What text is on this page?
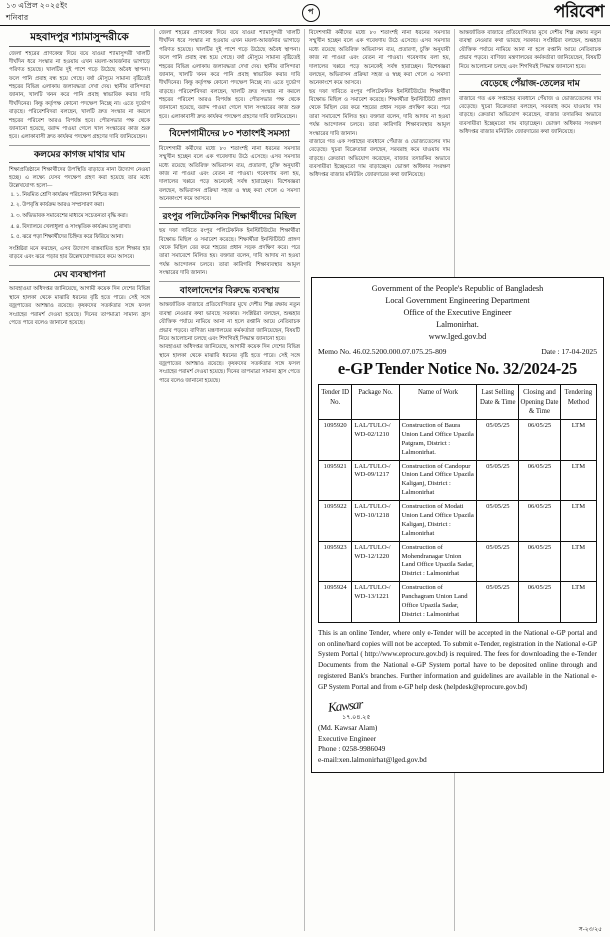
১৩ এপ্রিল ২০২৫ইং
শনিবার
প	পরিবেশ
মহবাদপুর শ্যামাসুন্দরীকে
জেলা শহরের প্রাণকেন্দ্র দিয়ে বয়ে যাওয়া শ্যামাসুন্দরী খালটি দীর্ঘদিন ধরে সংস্কার না হওয়ায় এখন ময়লা-আবর্জনার ভাগাড়ে পরিণত হয়েছে। খালটির দুই পাশে গড়ে উঠেছে অবৈধ স্থাপনা। ফলে পানি প্রবাহ বন্ধ হয়ে গেছে। বর্ষা মৌসুমে সামান্য বৃষ্টিতেই শহরের বিভিন্ন এলাকায় জলাবদ্ধতা দেখা দেয়। স্থানীয় বাসিন্দারা জানান, খালটি খনন করে পানি প্রবাহ স্বাভাবিক করার দাবি দীর্ঘদিনের। কিন্তু কর্তৃপক্ষ কোনো পদক্ষেপ নিচ্ছে না। এতে দুর্ভোগ বাড়ছে। পরিবেশবিদরা বলছেন, খালটি দ্রুত সংস্কার না করলে শহরের পরিবেশ আরও বিপর্যস্ত হবে। পৌরসভার পক্ষ থেকে জানানো হয়েছে, বরাদ্দ পাওয়া গেলে খাল সংস্কারের কাজ শুরু হবে। এলাকাবাসী দ্রুত কার্যকর পদক্ষেপ গ্রহণের দাবি জানিয়েছেন।
কলমের কাগজ মাথার ঘাম
শিক্ষাপ্রতিষ্ঠানে শিক্ষার্থীদের উপস্থিতি বাড়াতে নানা উদ্যোগ নেওয়া হচ্ছে। এ লক্ষ্যে যেসব পদক্ষেপ গ্রহণ করা হয়েছে তার মধ্যে উল্লেখযোগ্য হলো—
1. ১. নিয়মিত শ্রেণি কার্যক্রম পরিচালনা নিশ্চিত করা।
2. ২. উপবৃত্তি কার্যক্রম আরও সম্প্রসারণ করা।
3. ৩. অভিভাবক সমাবেশের মাধ্যমে সচেতনতা বৃদ্ধি করা।
4. ৪. বিদ্যালয়ে খেলাধুলা ও সাংস্কৃতিক কার্যক্রম চালু রাখা।
5. ৫. ঝরে পড়া শিক্ষার্থীদের চিহ্নিত করে ফিরিয়ে আনা।
সংশ্লিষ্টরা মনে করছেন, এসব উদ্যোগ বাস্তবায়িত হলে শিক্ষার হার বাড়বে এবং ঝরে পড়ার হার উল্লেখযোগ্যভাবে কমে আসবে।
মেঘ ব্যবস্থাপনা
আবহাওয়া অধিদপ্তর জানিয়েছে, আগামী কয়েক দিন দেশের বিভিন্ন স্থানে হালকা থেকে মাঝারি ধরনের বৃষ্টি হতে পারে। সেই সঙ্গে বজ্রপাতের আশঙ্কাও রয়েছে। কৃষকদের সতর্কতার সঙ্গে ফসল সংগ্রহের পরামর্শ দেওয়া হয়েছে। দিনের তাপমাত্রা সামান্য হ্রাস পেতে পারে বলেও জানানো হয়েছে।
জেলা শহরের প্রাণকেন্দ্র দিয়ে বয়ে যাওয়া শ্যামাসুন্দরী খালটি দীর্ঘদিন ধরে সংস্কার না হওয়ায় এখন ময়লা-আবর্জনার ভাগাড়ে পরিণত হয়েছে। খালটির দুই পাশে গড়ে উঠেছে অবৈধ স্থাপনা। ফলে পানি প্রবাহ বন্ধ হয়ে গেছে। বর্ষা মৌসুমে সামান্য বৃষ্টিতেই শহরের বিভিন্ন এলাকায় জলাবদ্ধতা দেখা দেয়। স্থানীয় বাসিন্দারা জানান, খালটি খনন করে পানি প্রবাহ স্বাভাবিক করার দাবি দীর্ঘদিনের। কিন্তু কর্তৃপক্ষ কোনো পদক্ষেপ নিচ্ছে না। এতে দুর্ভোগ বাড়ছে। পরিবেশবিদরা বলছেন, খালটি দ্রুত সংস্কার না করলে শহরের পরিবেশ আরও বিপর্যস্ত হবে। পৌরসভার পক্ষ থেকে জানানো হয়েছে, বরাদ্দ পাওয়া গেলে খাল সংস্কারের কাজ শুরু হবে। এলাকাবাসী দ্রুত কার্যকর পদক্ষেপ গ্রহণের দাবি জানিয়েছেন।
বিদেশগামীদের ৮০ শতাংশই সমস্যা
বিদেশগামী কর্মীদের মধ্যে ৮০ শতাংশই নানা ধরনের সমস্যার সম্মুখীন হচ্ছেন বলে এক গবেষণায় উঠে এসেছে। এসব সমস্যার মধ্যে রয়েছে অতিরিক্ত অভিবাসন ব্যয়, প্রতারণা, চুক্তি অনুযায়ী কাজ না পাওয়া এবং বেতন না পাওয়া। গবেষণায় বলা হয়, দালালের খপ্পরে পড়ে অনেকেই সর্বস্ব হারাচ্ছেন। বিশেষজ্ঞরা বলছেন, অভিবাসন প্রক্রিয়া সহজ ও স্বচ্ছ করা গেলে এ সমস্যা অনেকাংশে কমে আসবে।
রংপুর পলিটেকনিক শিক্ষার্থীদের মিছিল
ছয় দফা দাবিতে রংপুর পলিটেকনিক ইনস্টিটিউটের শিক্ষার্থীরা বিক্ষোভ মিছিল ও সমাবেশ করেছে। শিক্ষার্থীরা ইনস্টিটিউট প্রাঙ্গণ থেকে মিছিল বের করে শহরের প্রধান সড়ক প্রদক্ষিণ করে। পরে তারা সমাবেশে মিলিত হয়। বক্তারা বলেন, দাবি আদায় না হওয়া পর্যন্ত আন্দোলন চলবে। তারা কারিগরি শিক্ষাব্যবস্থার আমূল সংস্কারের দাবি জানান।
বাংলাদেশের বিরুদ্ধে ব্যবস্থায়
আন্তর্জাতিক বাজারে প্রতিযোগিতার মুখে দেশীয় শিল্প রক্ষায় নতুন ব্যবস্থা নেওয়ার কথা ভাবছে সরকার। সংশ্লিষ্টরা বলছেন, শুল্কহার যৌক্তিক পর্যায়ে নামিয়ে আনা না হলে রপ্তানি আয়ে নেতিবাচক প্রভাব পড়বে। বাণিজ্য মন্ত্রণালয়ের কর্মকর্তারা জানিয়েছেন, বিষয়টি নিয়ে আলোচনা চলছে এবং শিগগিরই সিদ্ধান্ত জানানো হবে।
আবহাওয়া অধিদপ্তর জানিয়েছে, আগামী কয়েক দিন দেশের বিভিন্ন স্থানে হালকা থেকে মাঝারি ধরনের বৃষ্টি হতে পারে। সেই সঙ্গে বজ্রপাতের আশঙ্কাও রয়েছে। কৃষকদের সতর্কতার সঙ্গে ফসল সংগ্রহের পরামর্শ দেওয়া হয়েছে। দিনের তাপমাত্রা সামান্য হ্রাস পেতে পারে বলেও জানানো হয়েছে।
বিদেশগামী কর্মীদের মধ্যে ৮০ শতাংশই নানা ধরনের সমস্যার সম্মুখীন হচ্ছেন বলে এক গবেষণায় উঠে এসেছে। এসব সমস্যার মধ্যে রয়েছে অতিরিক্ত অভিবাসন ব্যয়, প্রতারণা, চুক্তি অনুযায়ী কাজ না পাওয়া এবং বেতন না পাওয়া। গবেষণায় বলা হয়, দালালের খপ্পরে পড়ে অনেকেই সর্বস্ব হারাচ্ছেন। বিশেষজ্ঞরা বলছেন, অভিবাসন প্রক্রিয়া সহজ ও স্বচ্ছ করা গেলে এ সমস্যা অনেকাংশে কমে আসবে।
ছয় দফা দাবিতে রংপুর পলিটেকনিক ইনস্টিটিউটের শিক্ষার্থীরা বিক্ষোভ মিছিল ও সমাবেশ করেছে। শিক্ষার্থীরা ইনস্টিটিউট প্রাঙ্গণ থেকে মিছিল বের করে শহরের প্রধান সড়ক প্রদক্ষিণ করে। পরে তারা সমাবেশে মিলিত হয়। বক্তারা বলেন, দাবি আদায় না হওয়া পর্যন্ত আন্দোলন চলবে। তারা কারিগরি শিক্ষাব্যবস্থার আমূল সংস্কারের দাবি জানান।
বাজারে গত এক সপ্তাহের ব্যবধানে পেঁয়াজ ও ভোজ্যতেলের দাম বেড়েছে। খুচরা বিক্রেতারা বলছেন, সরবরাহ কমে যাওয়ায় দাম বাড়ছে। ক্রেতারা অভিযোগ করেছেন, বাজার তদারকির অভাবে ব্যবসায়ীরা ইচ্ছেমতো দাম বাড়াচ্ছেন। ভোক্তা অধিকার সংরক্ষণ অধিদপ্তর বাজার মনিটরিং জোরদারের কথা জানিয়েছে।
আন্তর্জাতিক বাজারে প্রতিযোগিতার মুখে দেশীয় শিল্প রক্ষায় নতুন ব্যবস্থা নেওয়ার কথা ভাবছে সরকার। সংশ্লিষ্টরা বলছেন, শুল্কহার যৌক্তিক পর্যায়ে নামিয়ে আনা না হলে রপ্তানি আয়ে নেতিবাচক প্রভাব পড়বে। বাণিজ্য মন্ত্রণালয়ের কর্মকর্তারা জানিয়েছেন, বিষয়টি নিয়ে আলোচনা চলছে এবং শিগগিরই সিদ্ধান্ত জানানো হবে।
বেড়েছে পেঁয়াজ-তেলের দাম
বাজারে গত এক সপ্তাহের ব্যবধানে পেঁয়াজ ও ভোজ্যতেলের দাম বেড়েছে। খুচরা বিক্রেতারা বলছেন, সরবরাহ কমে যাওয়ায় দাম বাড়ছে। ক্রেতারা অভিযোগ করেছেন, বাজার তদারকির অভাবে ব্যবসায়ীরা ইচ্ছেমতো দাম বাড়াচ্ছেন। ভোক্তা অধিকার সংরক্ষণ অধিদপ্তর বাজার মনিটরিং জোরদারের কথা জানিয়েছে।
Government of the People's Republic of Bangladesh
Local Government Engineering Department
Office of the Executive Engineer
Lalmonirhat.
www.lged.gov.bd
Memo No. 46.02.5200.000.07.075.25-809	Date : 17-04-2025
e-GP Tender Notice No. 32/2024-25
Tender ID No.	Package No.	Name of Work	Last Selling Date & Time	Closing and Opening Date & Time	Tendering Method
1095920	LAL/TULO-/ WD-02/1210	Construction of Baura Union Land Office Upazila Patgram, District : Lalmonirhat.	05/05/25	06/05/25	LTM
1095921	LAL/TULO-/ WD-09/1217	Construction of Candopur Union Land Office Upazila Kaliganj, District : Lalmonirhat	05/05/25	06/05/25	LTM
1095922	LAL/TULO-/ WD-10/1218	Construction of Modati Union Land Office Upazila Kaliganj, District : Lalmonirhat	05/05/25	06/05/25	LTM
1095923	LAL/TULO-/ WD-12/1220	Construction of Mohendranagar Union Land Office Upazila Sadar, District : Lalmonirhat	05/05/25	06/05/25	LTM
1095924	LAL/TULO-/ WD-13/1221	Construction of Panchagram Union Land Office Upazila Sadar, District : Lalmonirhat	05/05/25	06/05/25	LTM
This is an online Tender, where only e-Tender will be accepted in the National e-GP portal and on online/hard copies will not be accepted. To submit e-Tender, registration in the National e-GP System Portal ( http://www.eprocure.gov.bd) is required. The fees for downloading the e-Tender Documents from the National e-GP System portal have to be deposited online through and registered Bank's branches. Further information and guidelines are available in the National e-GP System Portal and from e-GP help desk (helpdesk@eprocure.gov.bd)
Kawsar
১৭.০৪.২৫
(Md. Kawsar Alam)
Executive Engineer
Phone : 0258-9986049
e-mail:xen.lalmonirhat@lged.gov.bd
স-২৩/২৫
